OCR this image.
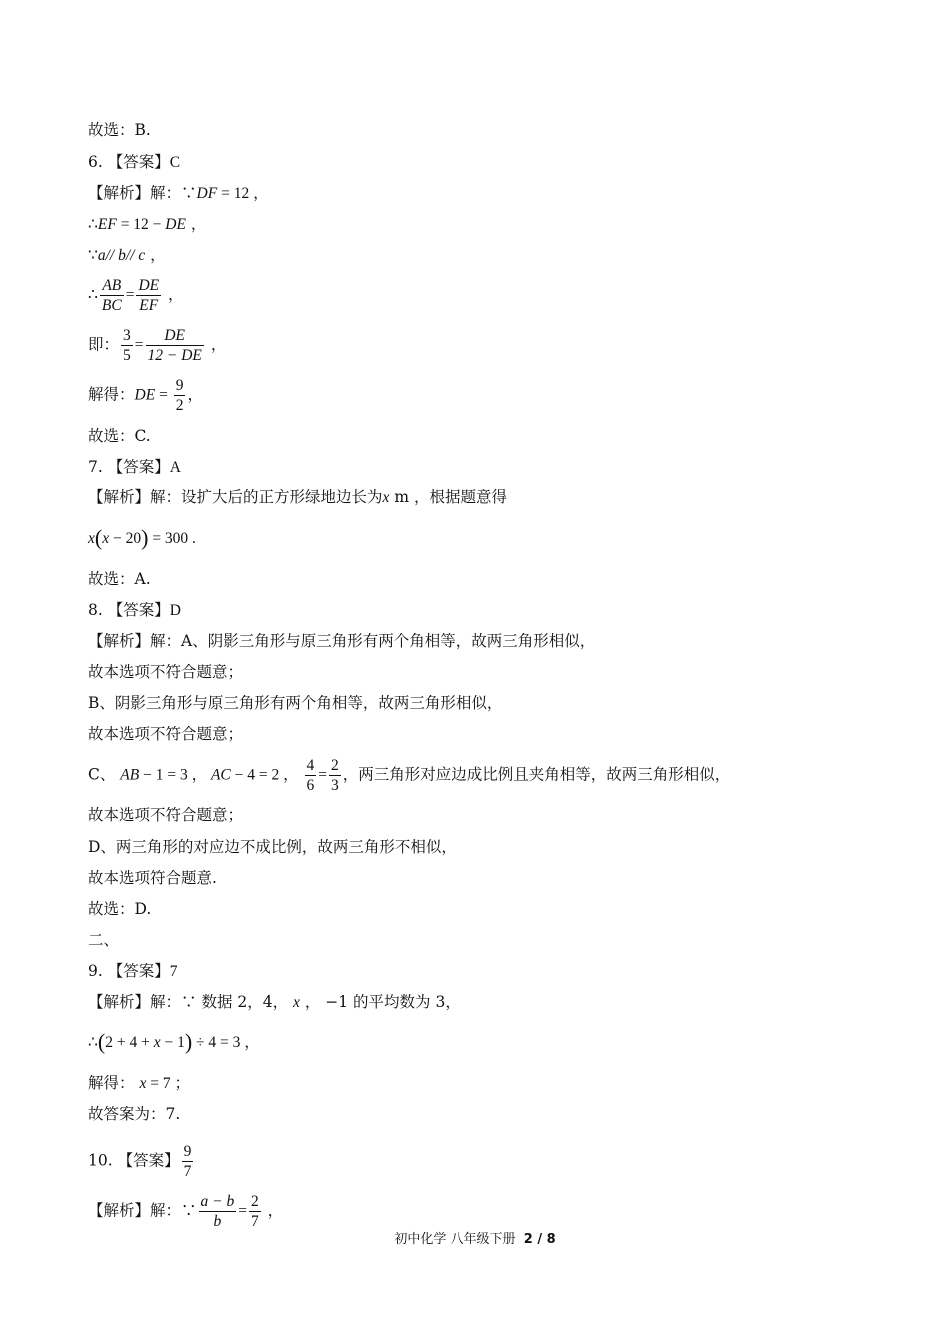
故选：B.
6. 【答案】C
【解析】解：∵DF = 12 ，
∴EF = 12 − DE ，
∵a// b// c ，
∴ $\frac{AB}{BC} = \frac{DE}{EF}$ ，
即： $\frac{3}{5} = \frac{DE}{12 - DE}$ ，
解得：DE = $\frac{9}{2}$ ，
故选：C.
7. 【答案】A
【解析】解：设扩大后的正方形绿地边长为x m ，根据题意得
x(x − 20) = 300 .
故选：A.
8. 【答案】D
【解析】解：A、阴影三角形与原三角形有两个角相等，故两三角形相似，
故本选项不符合题意；
B、阴影三角形与原三角形有两个角相等，故两三角形相似，
故本选项不符合题意；
C、 AB − 1 = 3 ， AC − 4 = 2 ， $\frac{4}{6} = \frac{2}{3}$ ，两三角形对应边成比例且夹角相等，故两三角形相似，
故本选项不符合题意；
D、两三角形的对应边不成比例，故两三角形不相似，
故本选项符合题意.
故选：D.
二、
9. 【答案】7
【解析】解：∵ 数据 2，4， x ， −1 的平均数为 3，
∴(2 + 4 + x − 1) ÷ 4 = 3 ，
解得： x = 7 ；
故答案为：7.
10. 【答案】 $\frac{9}{7}$
【解析】解：∵ $\frac{a - b}{b} = \frac{2}{7}$ ，
初中化学 八年级下册 2 / 8
